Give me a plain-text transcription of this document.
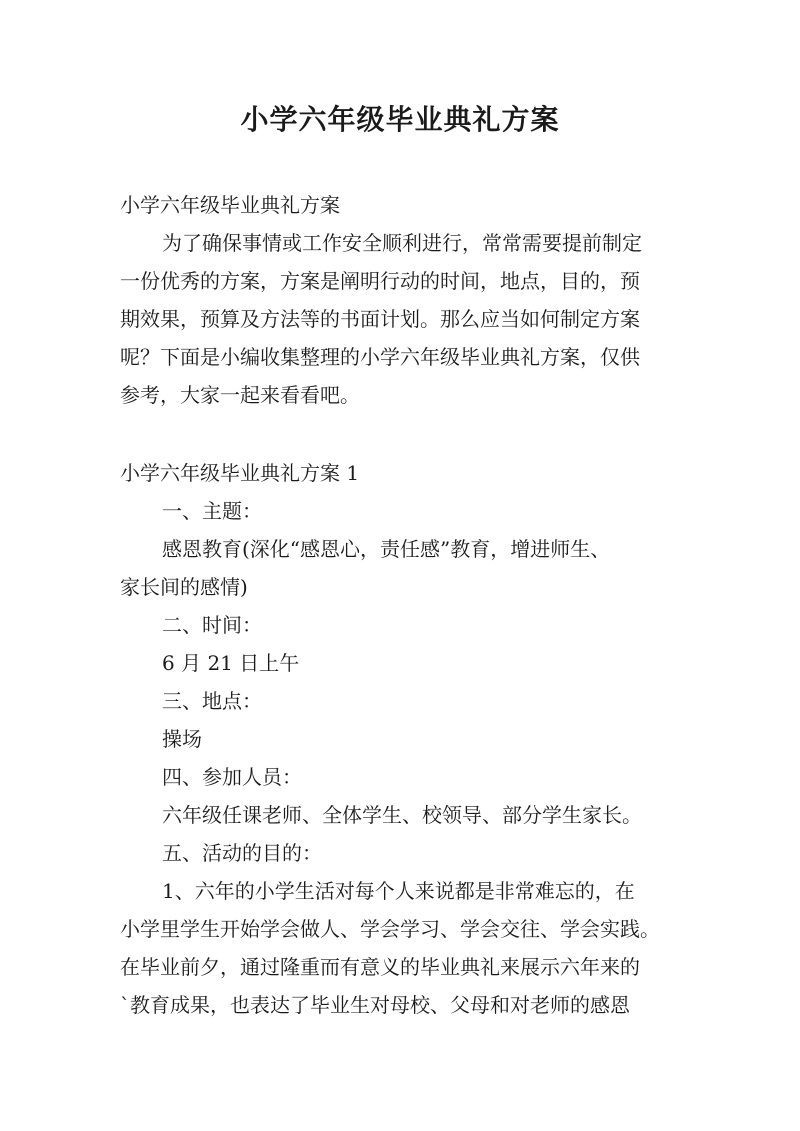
小学六年级毕业典礼方案

小学六年级毕业典礼方案

为了确保事情或工作安全顺利进行，常常需要提前制定

一份优秀的方案，方案是阐明行动的时间，地点，目的，预

期效果，预算及方法等的书面计划。那么应当如何制定方案

呢？下面是小编收集整理的小学六年级毕业典礼方案，仅供

参考，大家一起来看看吧。

小学六年级毕业典礼方案 1

一、主题：

感恩教育(深化“感恩心，责任感”教育，增进师生、

家长间的感情)

二、时间：

6 月 21 日上午

三、地点：

操场

四、参加人员：

六年级任课老师、全体学生、校领导、部分学生家长。

五、活动的目的：

1、六年的小学生活对每个人来说都是非常难忘的，在

小学里学生开始学会做人、学会学习、学会交往、学会实践。

在毕业前夕，通过隆重而有意义的毕业典礼来展示六年来的

`教育成果，也表达了毕业生对母校、父母和对老师的感恩
